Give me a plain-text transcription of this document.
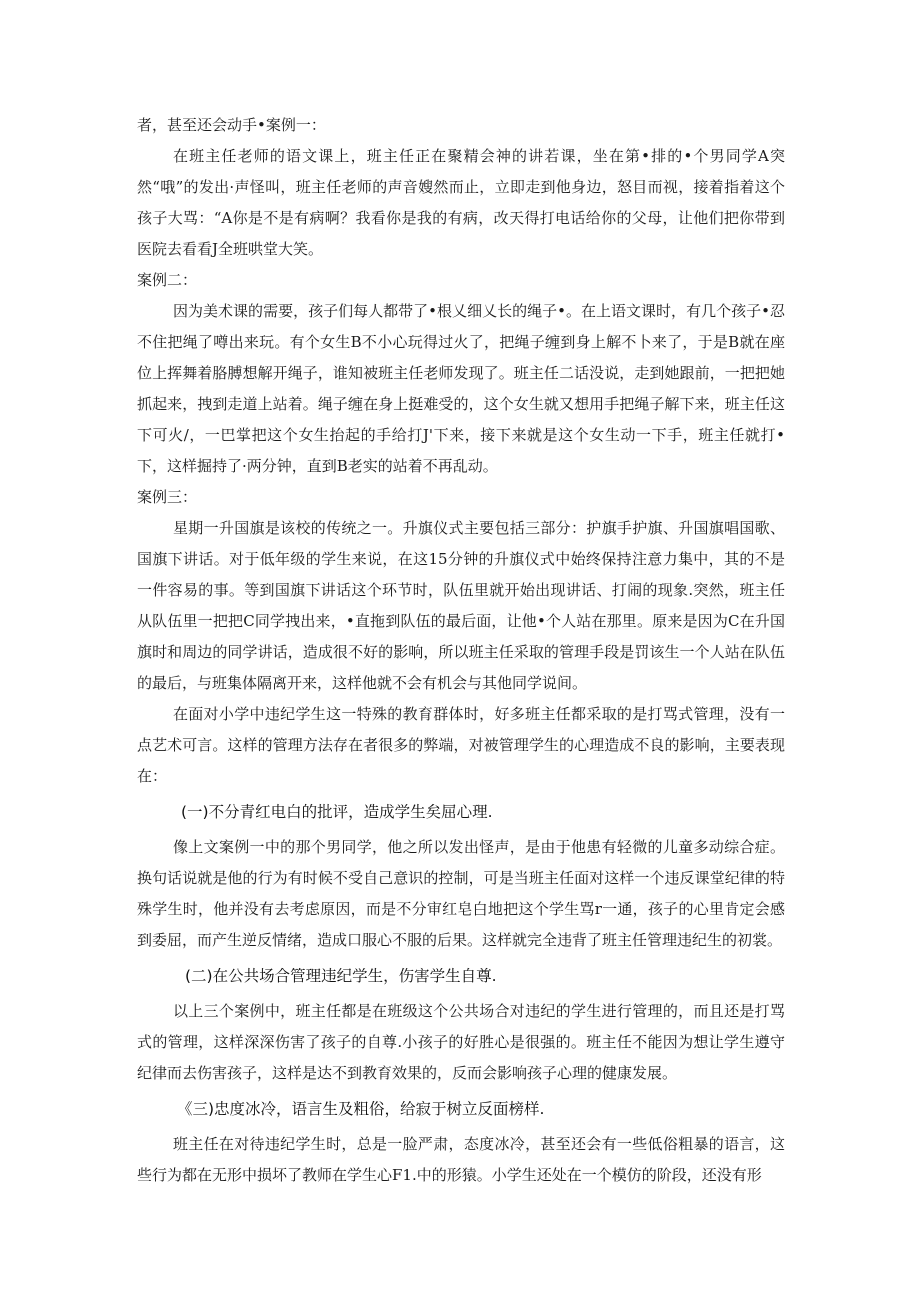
者，甚至还会动手•案例一：

在班主任老师的语文课上，班主任正在聚精会神的讲若课，坐在第•排的•个男同学A突然“哦”的发出·声怪叫，班主任老师的声音嫂然而止，立即走到他身边，怒目而视，接着指着这个孩子大骂：“A你是不是有病啊？我看你是我的有病，改天得打电话给你的父母，让他们把你带到医院去看看J全班哄堂大笑。

案例二：

因为美术课的需要，孩子们每人都带了•根乂细乂长的绳子•。在上语文课时，有几个孩子•忍不住把绳了噂出来玩。有个女生B不小心玩得过火了，把绳子缠到身上解不卜来了，于是B就在座位上挥舞着胳膊想解开绳子，谁知被班主任老师发现了。班主任二话没说，走到她跟前，一把把她抓起来，拽到走道上站着。绳子缠在身上挺难受的，这个女生就又想用手把绳子解下来，班主任这下可火/，一巴掌把这个女生抬起的手给打J'下来，接下来就是这个女生动一下手，班主任就打•下，这样掘持了·两分钟，直到B老实的站着不再乱动。

案例三：

星期一升国旗是该校的传统之一。升旗仪式主要包括三部分：护旗手护旗、升国旗唱国歌、国旗下讲话。对于低年级的学生来说，在这15分钟的升旗仪式中始终保持注意力集中，其的不是一件容易的事。等到国旗下讲话这个环节时，队伍里就开始出现讲话、打闹的现象.突然，班主任从队伍里一把把C同学拽出来，•直拖到队伍的最后面，让他•个人站在那里。原来是因为C在升国旗时和周边的同学讲话，造成很不好的影响，所以班主任采取的管理手段是罚该生一个人站在队伍的最后，与班集体隔离开来，这样他就不会有机会与其他同学说间。

在面对小学中违纪学生这一特殊的教育群体时，好多班主任都采取的是打骂式管理，没有一点艺术可言。这样的管理方法存在者很多的弊端，对被管理学生的心理造成不良的影响，主要表现在：

(一)不分青红电白的批评，造成学生矣屈心理.

像上文案例一中的那个男同学，他之所以发出怪声，是由于他患有轻微的儿童多动综合症。换句话说就是他的行为有时候不受自己意识的控制，可是当班主任面对这样一个违反课堂纪律的特殊学生时，他并没有去考虑原因，而是不分审红皂白地把这个学生骂r一通，孩子的心里肯定会感到委屈，而产生逆反情绪，造成口服心不服的后果。这样就完全违背了班主任管理违纪生的初裳。

(二)在公共场合管理违纪学生，伤害学生自尊.

以上三个案例中，班主任都是在班级这个公共场合对违纪的学生进行管理的，而且还是打骂式的管理，这样深深伤害了孩子的自尊.小孩子的好胜心是很强的。班主任不能因为想让学生遵守纪律而去伤害孩子，这样是达不到教育效果的，反而会影响孩子心理的健康发展。

《三)忠度冰冷，语言生及粗俗，给寂于树立反面榜样.

班主任在对待违纪学生时，总是一脸严肃，态度冰冷，甚至还会有一些低俗粗暴的语言，这些行为都在无形中损坏了教师在学生心F1.中的形猿。小学生还处在一个模仿的阶段，还没有形
